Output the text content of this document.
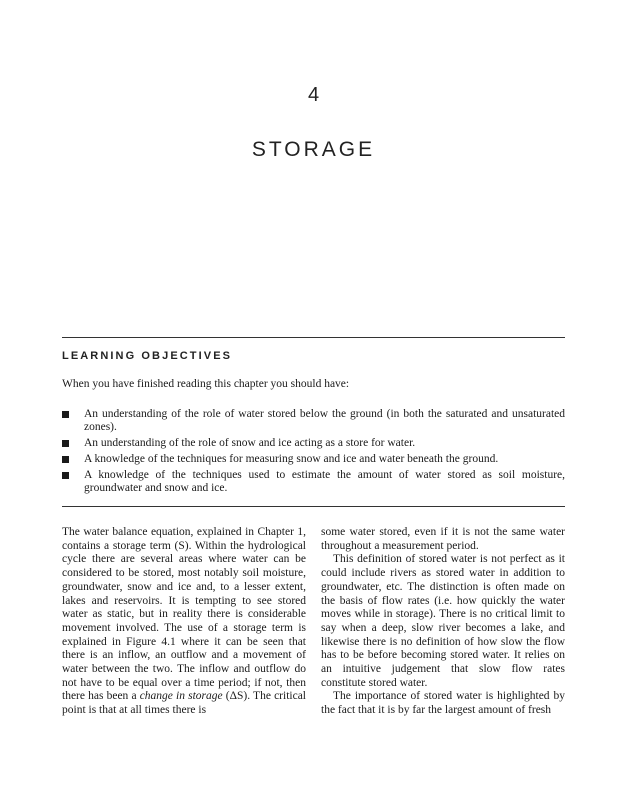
4
STORAGE
LEARNING OBJECTIVES
When you have finished reading this chapter you should have:
An understanding of the role of water stored below the ground (in both the saturated and unsaturated zones).
An understanding of the role of snow and ice acting as a store for water.
A knowledge of the techniques for measuring snow and ice and water beneath the ground.
A knowledge of the techniques used to estimate the amount of water stored as soil moisture, groundwater and snow and ice.

The water balance equation, explained in Chapter 1, contains a storage term (S). Within the hydrological cycle there are several areas where water can be considered to be stored, most notably soil moisture, groundwater, snow and ice and, to a lesser extent, lakes and reservoirs. It is tempting to see stored water as static, but in reality there is considerable movement involved. The use of a storage term is explained in Figure 4.1 where it can be seen that there is an inflow, an outflow and a movement of water between the two. The inflow and outflow do not have to be equal over a time period; if not, then there has been a change in storage (ΔS). The critical point is that at all times there is

some water stored, even if it is not the same water throughout a measurement period.

This definition of stored water is not perfect as it could include rivers as stored water in addition to groundwater, etc. The distinction is often made on the basis of flow rates (i.e. how quickly the water moves while in storage). There is no critical limit to say when a deep, slow river becomes a lake, and likewise there is no definition of how slow the flow has to be before becoming stored water. It relies on an intuitive judgement that slow flow rates constitute stored water.

The importance of stored water is highlighted by the fact that it is by far the largest amount of fresh
